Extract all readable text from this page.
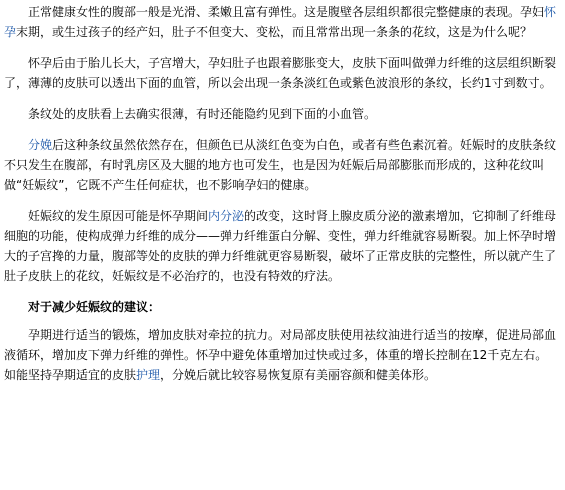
正常健康女性的腹部一般是光滑、柔嫩且富有弹性。这是腹壁各层组织都很完整健康的表现。孕妇怀孕末期，或生过孩子的经产妇，肚子不但变大、变松，而且常常出现一条条的花纹，这是为什么呢？

怀孕后由于胎儿长大，子宫增大，孕妇肚子也跟着膨胀变大，皮肤下面叫做弹力纤维的这层组织断裂了，薄薄的皮肤可以透出下面的血管，所以会出现一条条淡红色或紫色波浪形的条纹，长约1寸到数寸。

条纹处的皮肤看上去确实很薄，有时还能隐约见到下面的小血管。

分娩后这种条纹虽然依然存在，但颜色已从淡红色变为白色，或者有些色素沉着。妊娠时的皮肤条纹不只发生在腹部，有时乳房区及大腿的地方也可发生，也是因为妊娠后局部膨胀而形成的，这种花纹叫做“妊娠纹”，它既不产生任何症状，也不影响孕妇的健康。

妊娠纹的发生原因可能是怀孕期间内分泌的改变，这时肾上腺皮质分泌的激素增加，它抑制了纤维母细胞的功能，使构成弹力纤维的成分——弹力纤维蛋白分解、变性，弹力纤维就容易断裂。加上怀孕时增大的子宫搀的力量，腹部等处的皮肤的弹力纤维就更容易断裂，破坏了正常皮肤的完整性，所以就产生了肚子皮肤上的花纹，妊娠纹是不必治疗的，也没有特效的疗法。

对于减少妊娠纹的建议：

孕期进行适当的锻炼，增加皮肤对牵拉的抗力。对局部皮肤使用祛纹油进行适当的按摩，促进局部血液循环，增加皮下弹力纤维的弹性。怀孕中避免体重增加过快或过多，体重的增长控制在12千克左右。如能坚持孕期适宜的皮肤护理，分娩后就比较容易恢复原有美丽容颜和健美体形。
